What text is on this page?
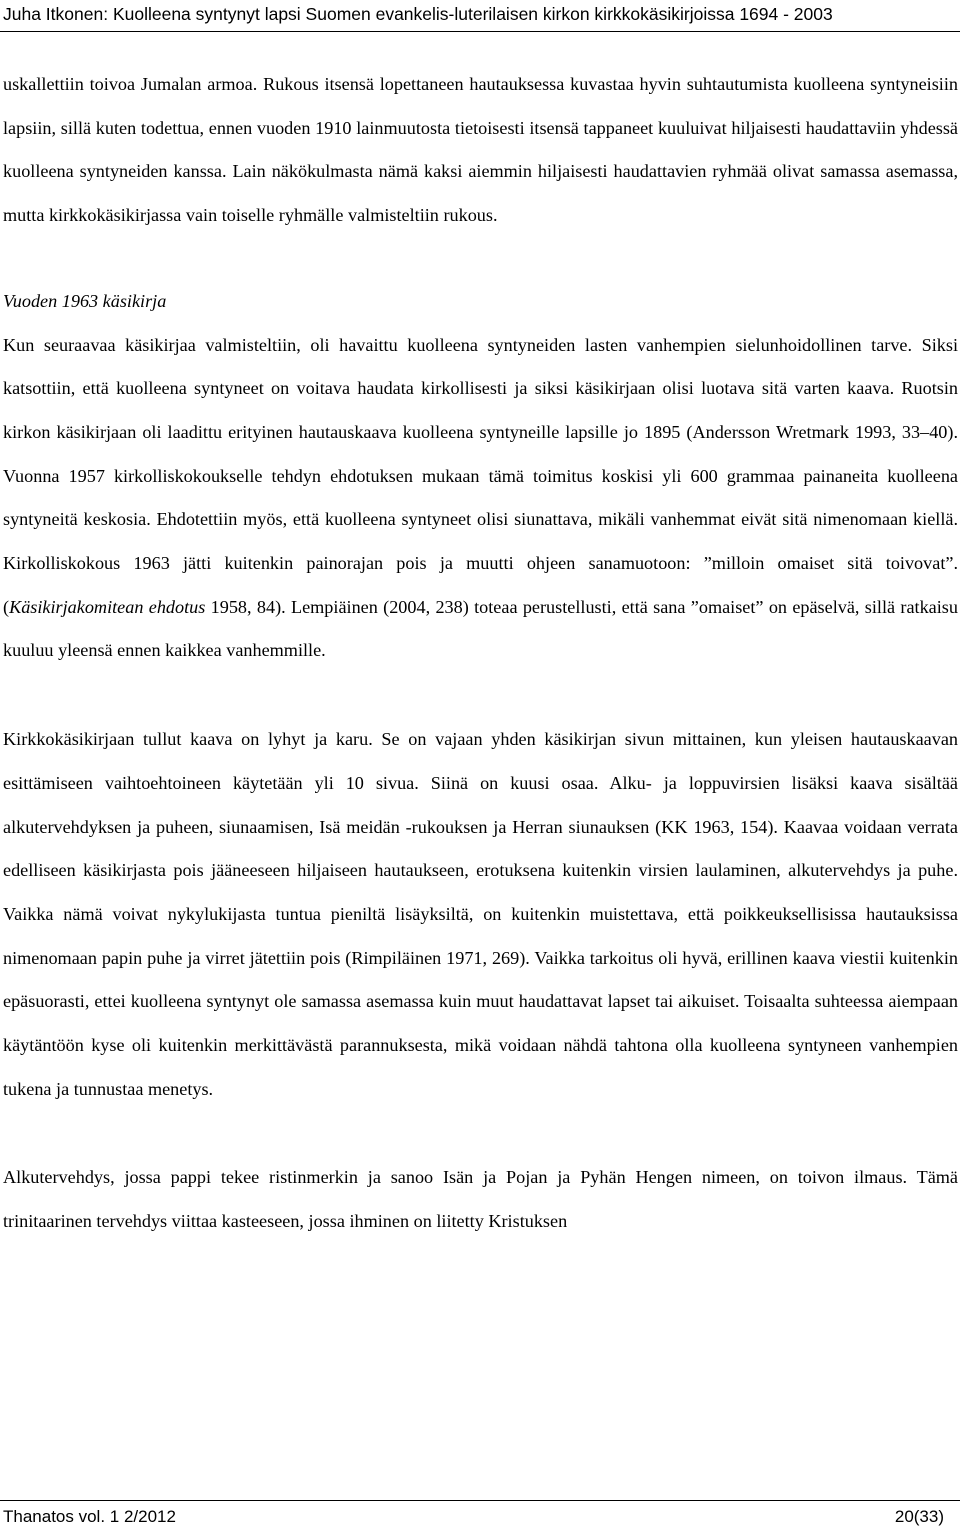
Juha Itkonen: Kuolleena syntynyt lapsi Suomen evankelis-luterilaisen kirkon kirkkokäsikirjoissa 1694 - 2003

uskallettiin toivoa Jumalan armoa. Rukous itsensä lopettaneen hautauksessa kuvastaa hyvin suhtautumista kuolleena syntyneisiin lapsiin, sillä kuten todettua, ennen vuoden 1910 lainmuutosta tietoisesti itsensä tappaneet kuuluivat hiljaisesti haudattaviin yhdessä kuolleena syntyneiden kanssa. Lain näkökulmasta nämä kaksi aiemmin hiljaisesti haudattavien ryhmää olivat samassa asemassa, mutta kirkkokäsikirjassa vain toiselle ryhmälle valmisteltiin rukous.

Vuoden 1963 käsikirja

Kun seuraavaa käsikirjaa valmisteltiin, oli havaittu kuolleena syntyneiden lasten vanhempien sielunhoidollinen tarve. Siksi katsottiin, että kuolleena syntyneet on voitava haudata kirkollisesti ja siksi käsikirjaan olisi luotava sitä varten kaava. Ruotsin kirkon käsikirjaan oli laadittu erityinen hautauskaava kuolleena syntyneille lapsille jo 1895 (Andersson Wretmark 1993, 33–40). Vuonna 1957 kirkolliskokoukselle tehdyn ehdotuksen mukaan tämä toimitus koskisi yli 600 grammaa painaneita kuolleena syntyneitä keskosia. Ehdotettiin myös, että kuolleena syntyneet olisi siunattava, mikäli vanhemmat eivät sitä nimenomaan kiellä. Kirkolliskokous 1963 jätti kuitenkin painorajan pois ja muutti ohjeen sanamuotoon: ”milloin omaiset sitä toivovat”. (Käsikirjakomitean ehdotus 1958, 84). Lempiäinen (2004, 238) toteaa perustellusti, että sana ”omaiset” on epäselvä, sillä ratkaisu kuuluu yleensä ennen kaikkea vanhemmille.

Kirkkokäsikirjaan tullut kaava on lyhyt ja karu. Se on vajaan yhden käsikirjan sivun mittainen, kun yleisen hautauskaavan esittämiseen vaihtoehtoineen käytetään yli 10 sivua. Siinä on kuusi osaa. Alku- ja loppuvirsien lisäksi kaava sisältää alkutervehdyksen ja puheen, siunaamisen, Isä meidän -rukouksen ja Herran siunauksen (KK 1963, 154). Kaavaa voidaan verrata edelliseen käsikirjasta pois jääneeseen hiljaiseen hautaukseen, erotuksena kuitenkin virsien laulaminen, alkutervehdys ja puhe. Vaikka nämä voivat nykylukijasta tuntua pieniltä lisäyksiltä, on kuitenkin muistettava, että poikkeuksellisissa hautauksissa nimenomaan papin puhe ja virret jätettiin pois (Rimpiläinen 1971, 269). Vaikka tarkoitus oli hyvä, erillinen kaava viestii kuitenkin epäsuorasti, ettei kuolleena syntynyt ole samassa asemassa kuin muut haudattavat lapset tai aikuiset. Toisaalta suhteessa aiempaan käytäntöön kyse oli kuitenkin merkittävästä parannuksesta, mikä voidaan nähdä tahtona olla kuolleena syntyneen vanhempien tukena ja tunnustaa menetys.

Alkutervehdys, jossa pappi tekee ristinmerkin ja sanoo Isän ja Pojan ja Pyhän Hengen nimeen, on toivon ilmaus. Tämä trinitaarinen tervehdys viittaa kasteeseen, jossa ihminen on liitetty Kristuksen

Thanatos vol. 1 2/2012	20(33)
